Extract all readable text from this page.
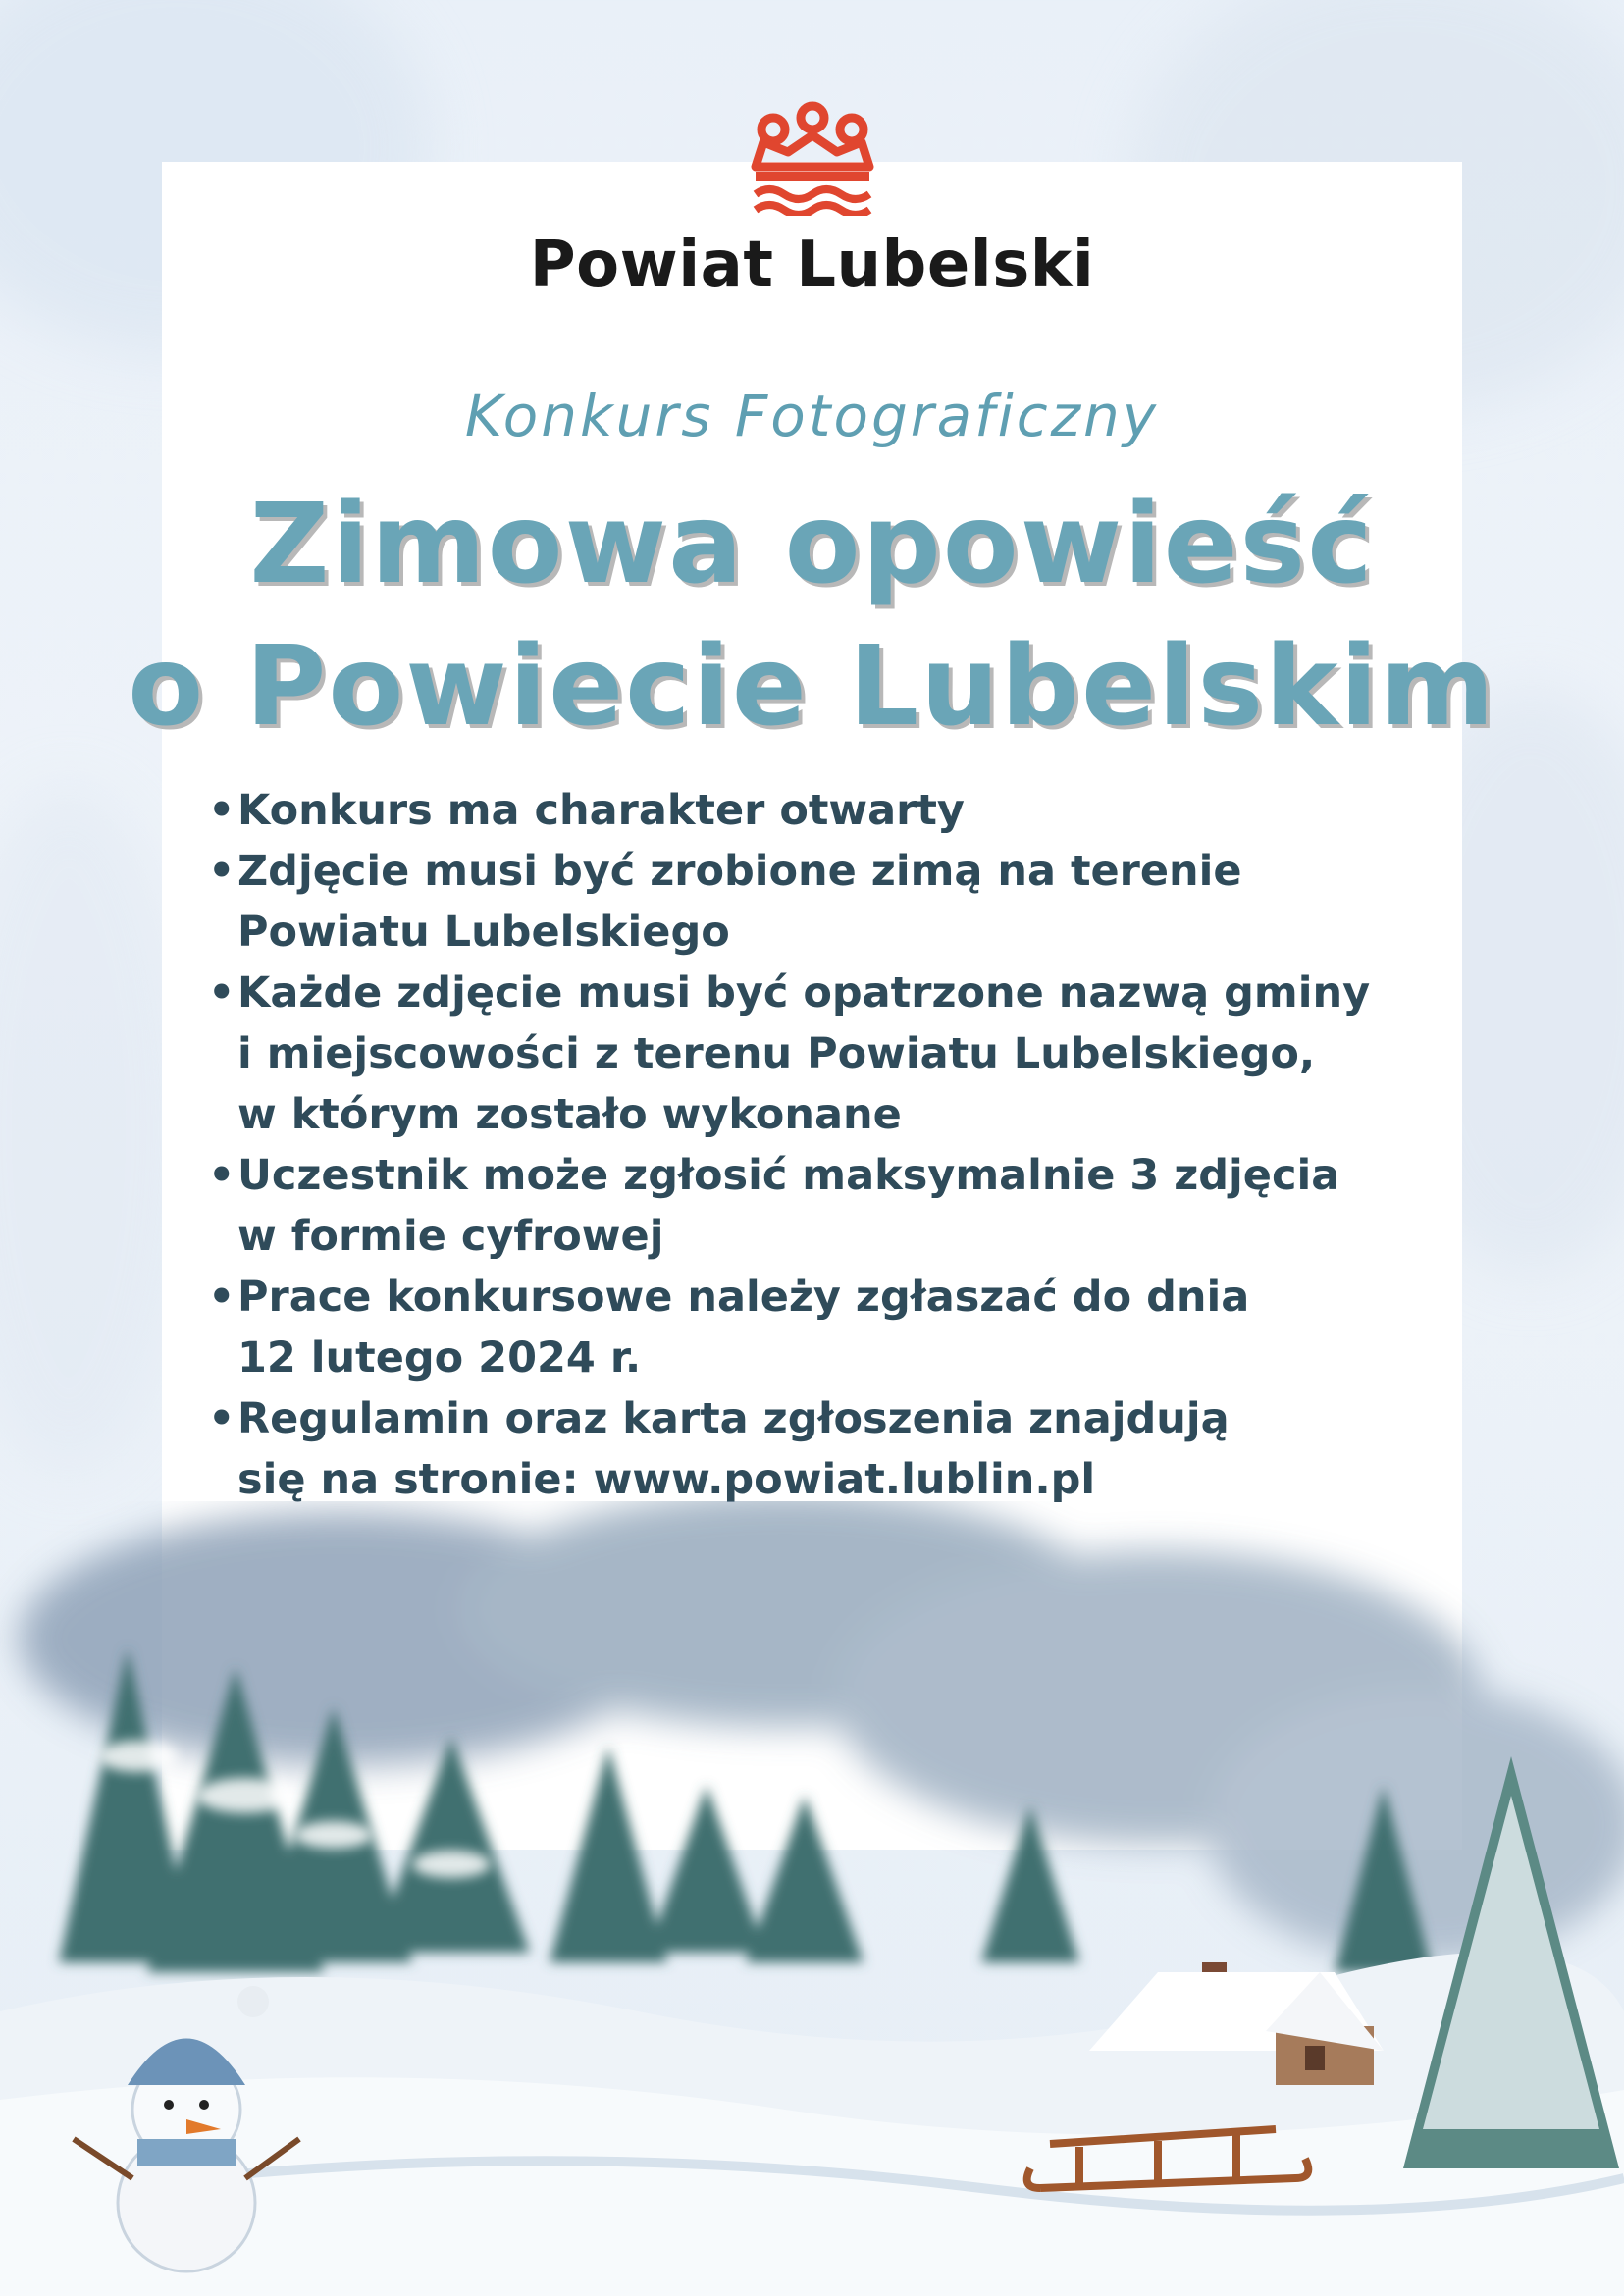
Powiat Lubelski
Konkurs Fotograficzny
Zimowa opowieść
o Powiecie Lubelskim
• Konkurs ma charakter otwarty
• Zdjęcie musi być zrobione zimą na terenie
Powiatu Lubelskiego
• Każde zdjęcie musi być opatrzone nazwą gminy
i miejscowości z terenu Powiatu Lubelskiego,
w którym zostało wykonane
• Uczestnik może zgłosić maksymalnie 3 zdjęcia
w formie cyfrowej
• Prace konkursowe należy zgłaszać do dnia
12 lutego 2024 r.
• Regulamin oraz karta zgłoszenia znajdują
się na stronie: www.powiat.lublin.pl
